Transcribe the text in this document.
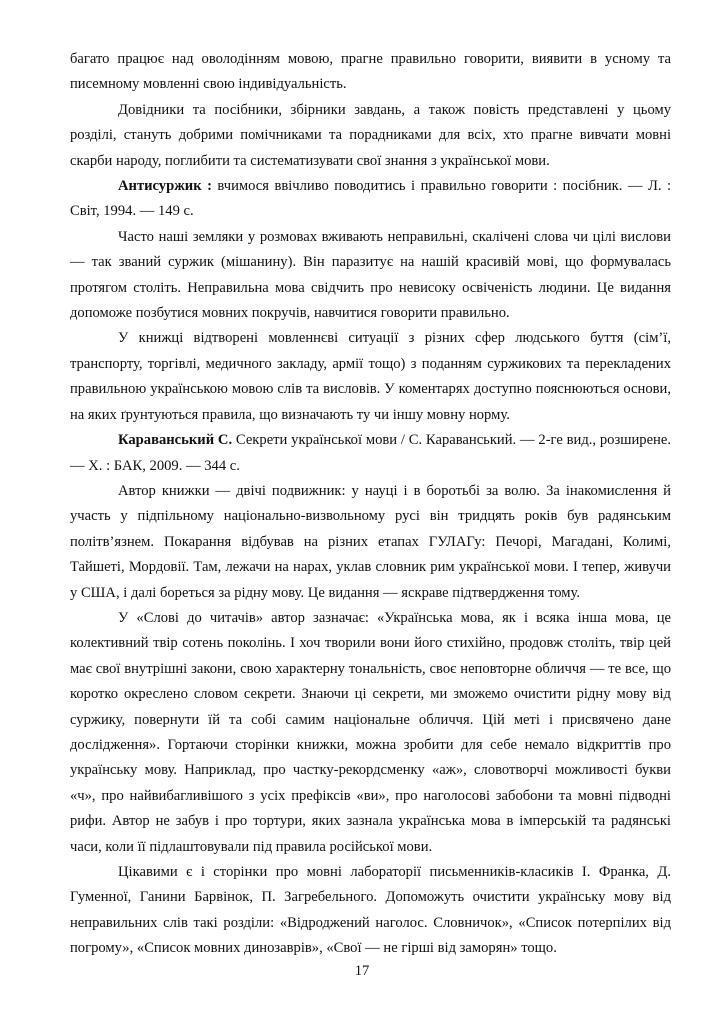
багато працює над оволодінням мовою, прагне правильно говорити, виявити в усному та писемному мовленні свою індивідуальність.

Довідники та посібники, збірники завдань, а також повість представлені у цьому розділі, стануть добрими помічниками та порадниками для всіх, хто прагне вивчати мовні скарби народу, поглибити та систематизувати свої знання з української мови.

Антисуржик : вчимося ввічливо поводитись і правильно говорити : посібник. — Л. : Світ, 1994. — 149 с.

Часто наші земляки у розмовах вживають неправильні, скалічені слова чи цілі вислови — так званий суржик (мішанину). Він паразитує на нашій красивій мові, що формувалась протягом століть. Неправильна мова свідчить про невисоку освіченість людини. Це видання допоможе позбутися мовних покручів, навчитися говорити правильно.

У книжці відтворені мовленнєві ситуації з різних сфер людського буття (сім’ї, транспорту, торгівлі, медичного закладу, армії тощо) з поданням суржикових та перекладених правильною українською мовою слів та висловів. У коментарях доступно пояснюються основи, на яких ґрунтуються правила, що визначають ту чи іншу мовну норму.

Караванський С. Секрети української мови / С. Караванський. — 2-ге вид., розширене. — Х. : БАК, 2009. — 344 с.

Автор книжки — двічі подвижник: у науці і в боротьбі за волю. За інакомислення й участь у підпільному національно-визвольному русі він тридцять років був радянським політв’язнем. Покарання відбував на різних етапах ГУЛАГу: Печорі, Магадані, Колимі, Тайшеті, Мордовії. Там, лежачи на нарах, уклав словник рим української мови. І тепер, живучи у США, і далі бореться за рідну мову. Це видання — яскраве підтвердження тому.

У «Слові до читачів» автор зазначає: «Українська мова, як і всяка інша мова, це колективний твір сотень поколінь. І хоч творили вони його стихійно, продовж століть, твір цей має свої внутрішні закони, свою характерну тональність, своє неповторне обличчя — те все, що коротко окреслено словом секрети. Знаючи ці секрети, ми зможемо очистити рідну мову від суржику, повернути їй та собі самим національне обличчя. Цій меті і присвячено дане дослідження». Гортаючи сторінки книжки, можна зробити для себе немало відкриттів про українську мову. Наприклад, про частку-рекордсменку «аж», словотворчі можливості букви «ч», про найвибагливішого з усіх префіксів «ви», про наголосові забобони та мовні підводні рифи. Автор не забув і про тортури, яких зазнала українська мова в імперській та радянські часи, коли її підлаштовували під правила російської мови.

Цікавими є і сторінки про мовні лабораторії письменників-класиків І. Франка, Д. Гуменної, Ганини Барвінок, П. Загребельного. Допоможуть очистити українську мову від неправильних слів такі розділи: «Відроджений наголос. Словничок», «Список потерпілих від погрому», «Список мовних динозаврів», «Свої — не гірші від заморян» тощо.

17
